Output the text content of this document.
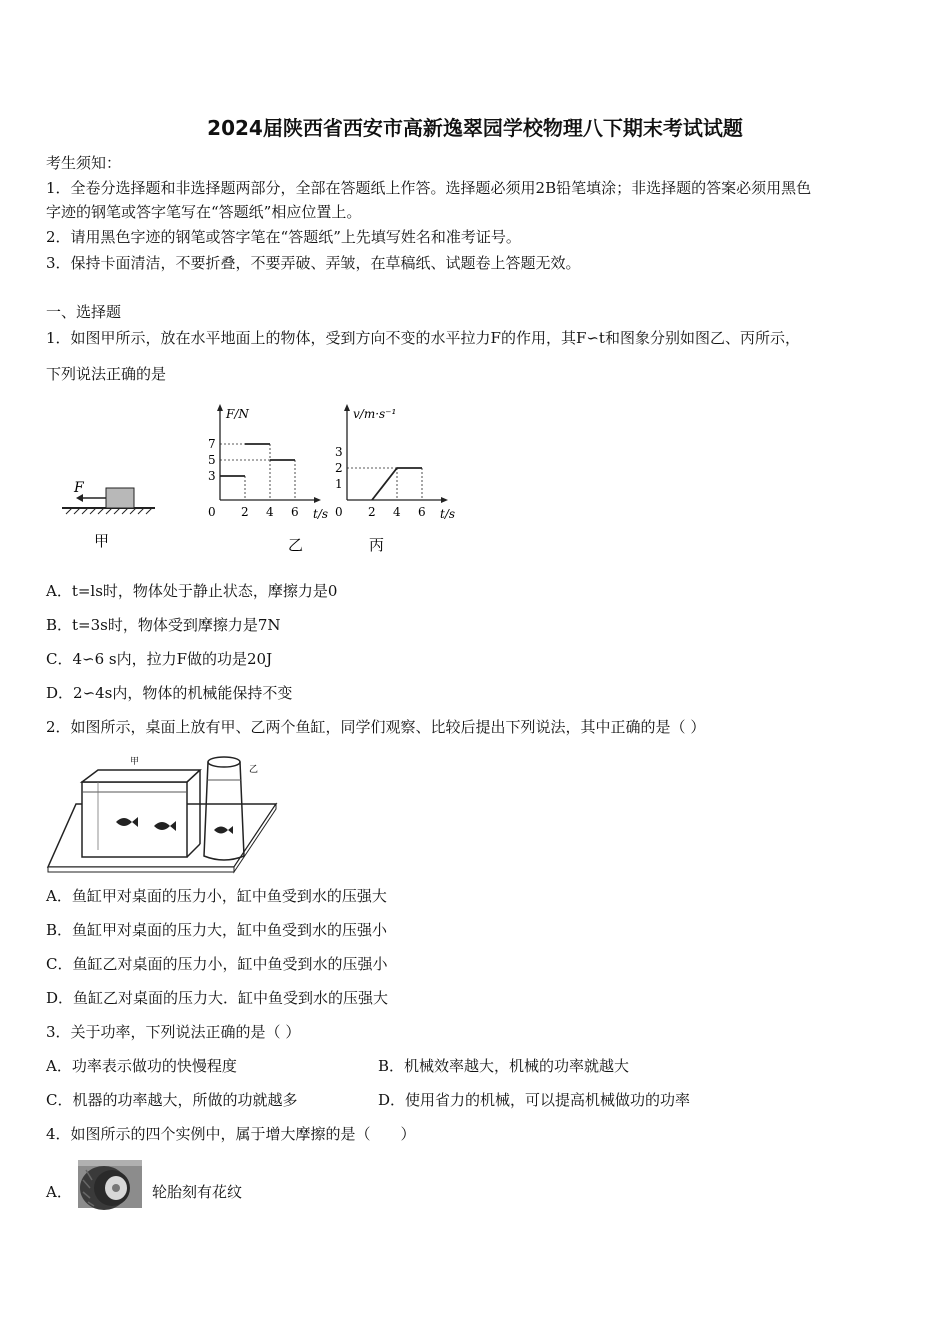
2024届陕西省西安市高新逸翠园学校物理八下期末考试试题
考生须知：
1．全卷分选择题和非选择题两部分，全部在答题纸上作答。选择题必须用2B铅笔填涂；非选择题的答案必须用黑色
字迹的钢笔或答字笔写在“答题纸”相应位置上。
2．请用黑色字迹的钢笔或答字笔在“答题纸”上先填写姓名和准考证号。
3．保持卡面清洁，不要折叠，不要弄破、弄皱，在草稿纸、试题卷上答题无效。
一、选择题
1．如图甲所示，放在水平地面上的物体，受到方向不变的水平拉力F的作用，其F∽t和图象分别如图乙、丙所示，
下列说法正确的是
F
甲
F/N
t/s
0 2 4 6
3
5
7
乙
v/m·s⁻¹
t/s
0 2 4 6
1
2
3
丙
A．t=ls时，物体处于静止状态，摩擦力是0
B．t=3s时，物体受到摩擦力是7N
C．4∽6 s内，拉力F做的功是20J
D．2∽4s内，物体的机械能保持不变
2．如图所示，桌面上放有甲、乙两个鱼缸，同学们观察、比较后提出下列说法，其中正确的是（ ）
甲
乙
A．鱼缸甲对桌面的压力小，缸中鱼受到水的压强大
B．鱼缸甲对桌面的压力大，缸中鱼受到水的压强小
C．鱼缸乙对桌面的压力小，缸中鱼受到水的压强小
D．鱼缸乙对桌面的压力大．缸中鱼受到水的压强大
3．关于功率，下列说法正确的是（ ）
A．功率表示做功的快慢程度	B．机械效率越大，机械的功率就越大
C．机器的功率越大，所做的功就越多	D．使用省力的机械，可以提高机械做功的功率
4．如图所示的四个实例中，属于增大摩擦的是（　　）
A．	轮胎刻有花纹
